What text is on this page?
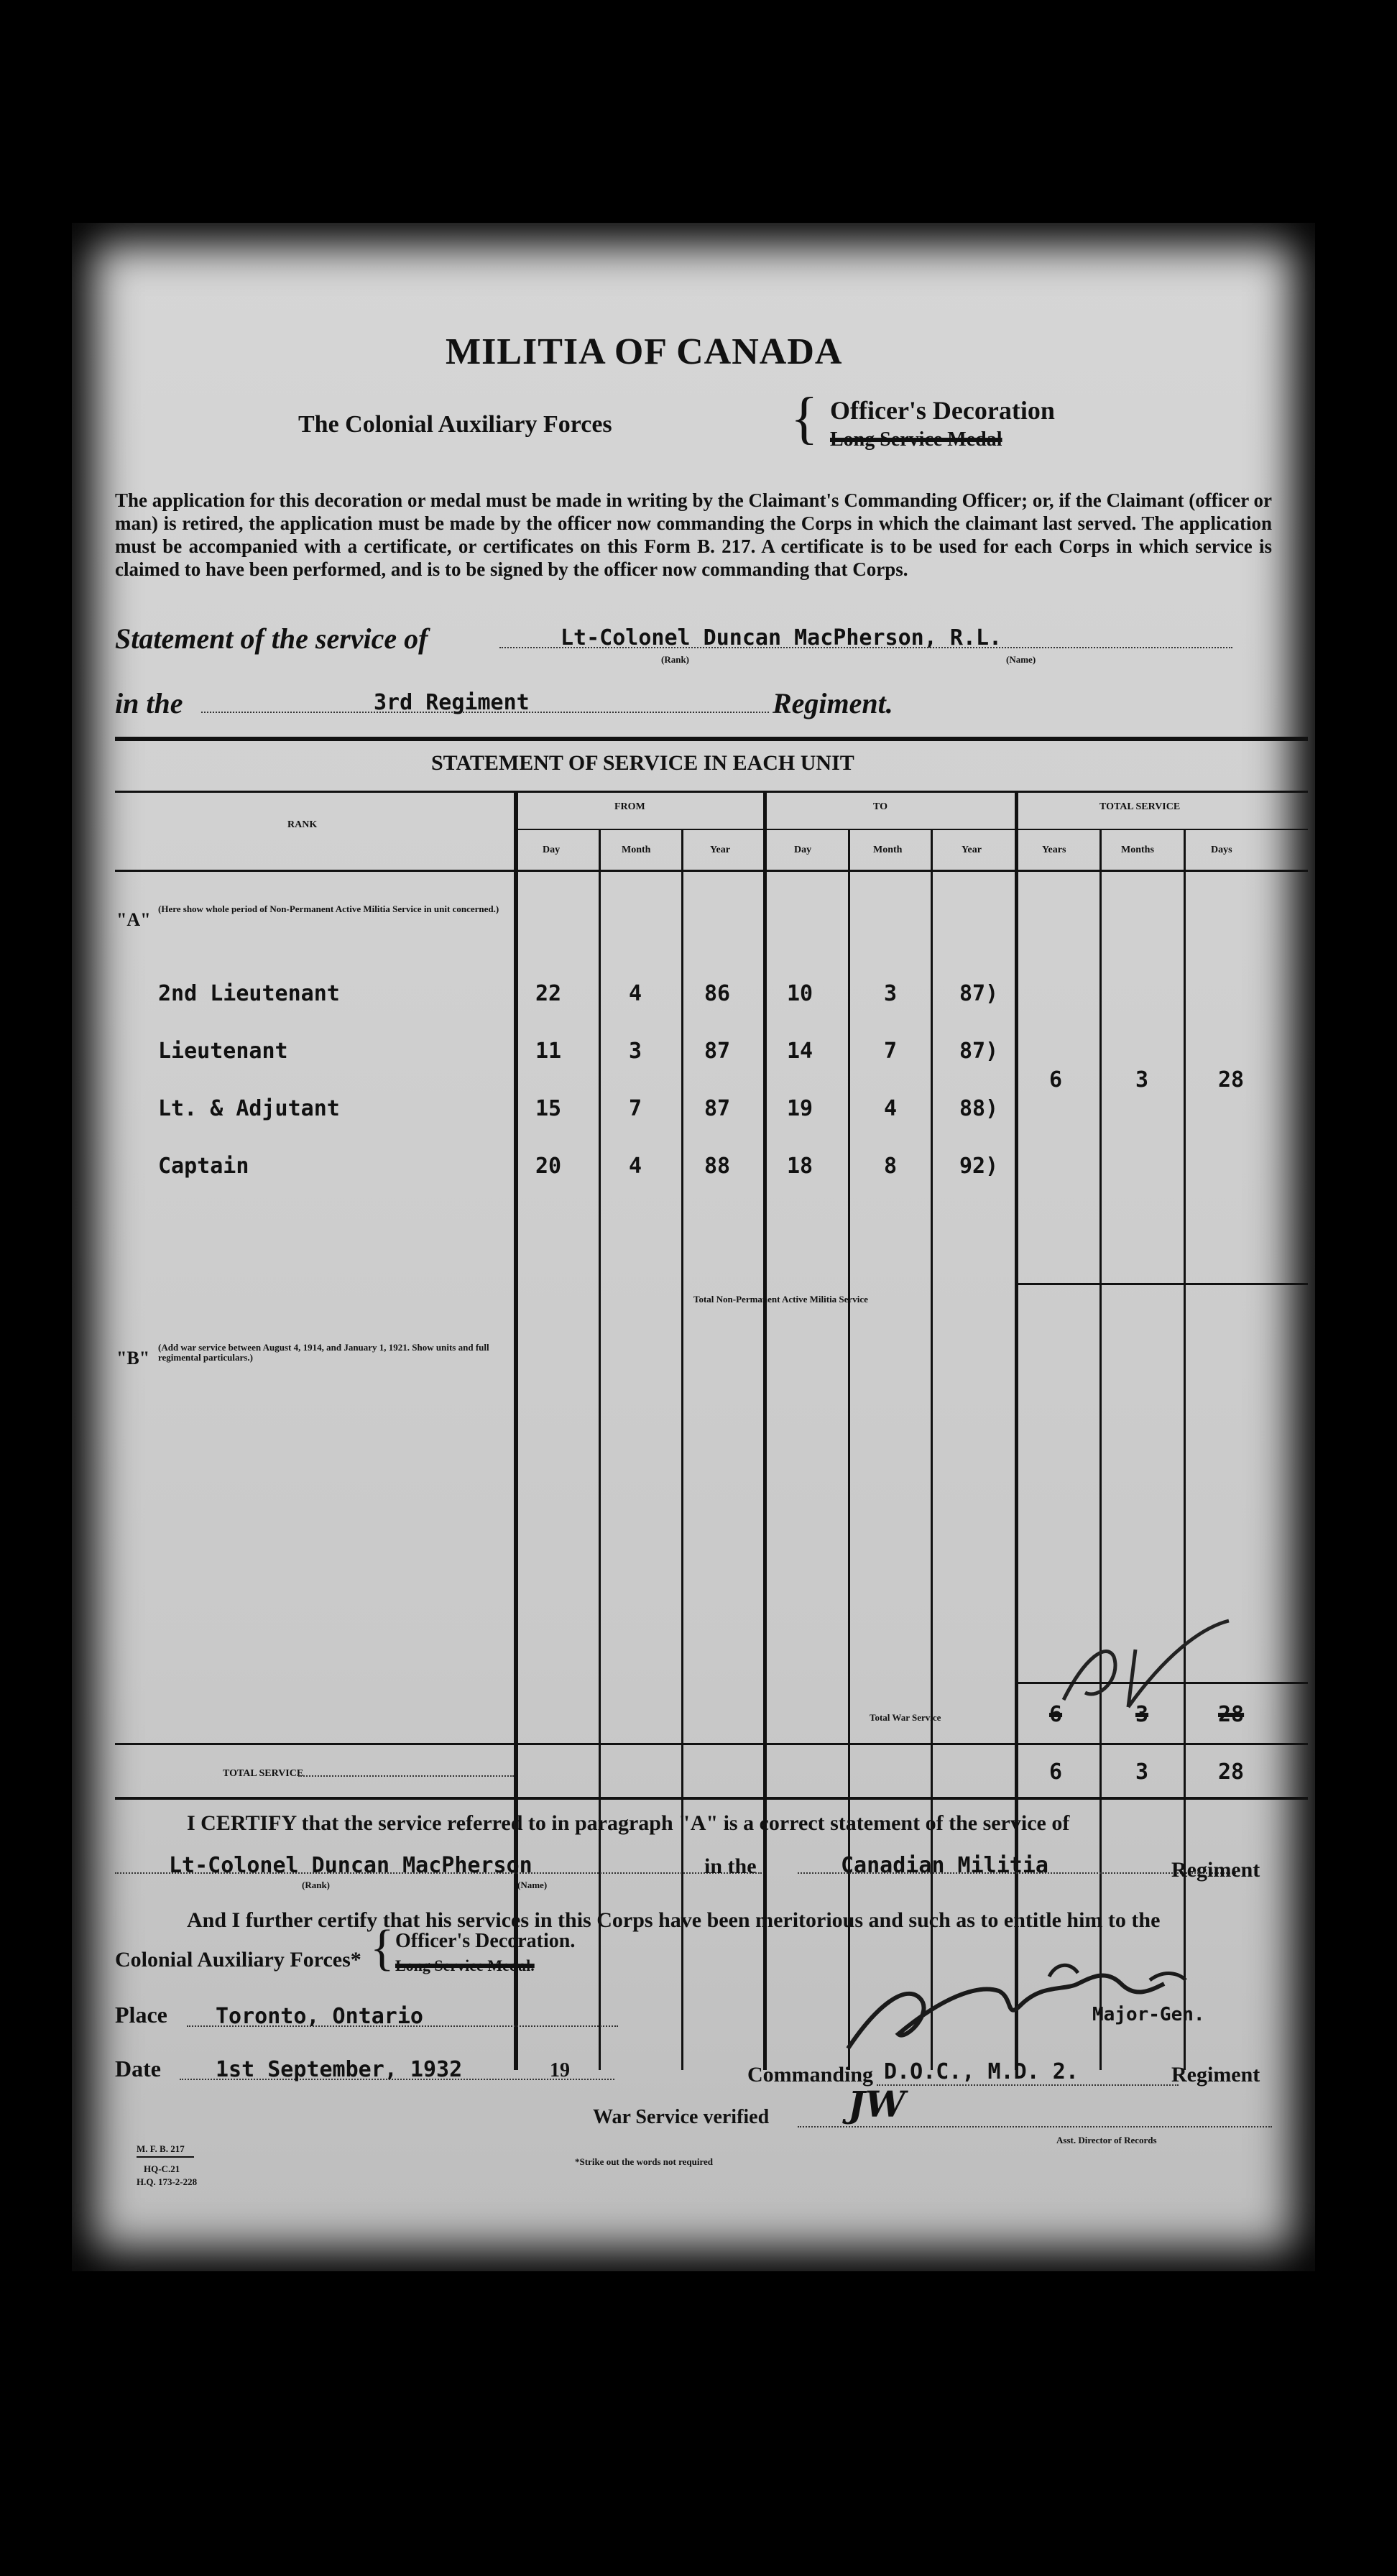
MILITIA OF CANADA
The Colonial Auxiliary Forces	{ Officer's Decoration
Long Service Medal
The application for this decoration or medal must be made in writing by the Claimant's Commanding Officer; or, if the Claimant (officer or man) is retired, the application must be made by the officer now commanding the Corps in which the claimant last served. The application must be accompanied with a certificate, or certificates on this Form B. 217. A certificate is to be used for each Corps in which service is claimed to have been performed, and is to be signed by the officer now commanding that Corps.
Statement of the service of	Lt-Colonel Duncan MacPherson, R.L.
(Rank)	(Name)
in the	3rd Regiment	Regiment.
STATEMENT OF SERVICE IN EACH UNIT
RANK
FROM	TO	TOTAL SERVICE
Day	Month	Year	Day	Month	Year	Years	Months	Days
"A"
(Here show whole period of Non-Permanent Active Militia Service in unit concerned.)
2nd Lieutenant	22	4	86	10	3	87)
Lieutenant	11	3	87	14	7	87)
Lt. & Adjutant	15	7	87	19	4	88)
Captain	20	4	88	18	8	92)
6	3	28
Total Non-Permanent Active Militia Service
"B"
(Add war service between August 4, 1914, and January 1, 1921. Show units and full regimental particulars.)
Total War Service	6	3	28
TOTAL SERVICE	6	3	28
I CERTIFY that the service referred to in paragraph "A" is a correct statement of the service of
Lt-Colonel Duncan MacPherson	in the	Canadian Militia	Regiment
(Rank)	(Name)
And I further certify that his services in this Corps have been meritorious and such as to entitle him to the
Colonial Auxiliary Forces* { Officer's Decoration.
Long Service Medal.
Place Toronto, Ontario
Date	1st September, 1932	19
Major-Gen.
Commanding D.O.C., M.D. 2.	Regiment
War Service verified JW
Asst. Director of Records
*Strike out the words not required
M. F. B. 217
HQ-C.21
H.Q. 173-2-228
